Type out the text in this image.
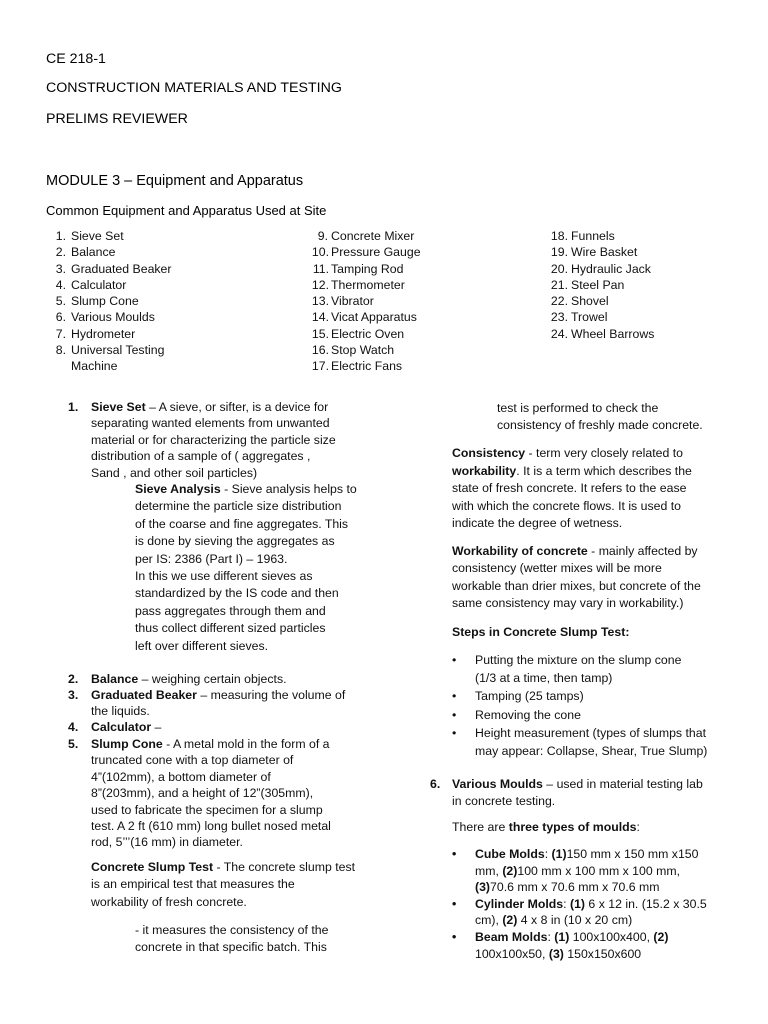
CE 218-1
CONSTRUCTION MATERIALS AND TESTING
PRELIMS REVIEWER
MODULE 3 – Equipment and Apparatus
Common Equipment and Apparatus Used at Site
1. Sieve Set
2. Balance
3. Graduated Beaker
4. Calculator
5. Slump Cone
6. Various Moulds
7. Hydrometer
8. Universal Testing
Machine
9. Concrete Mixer
10. Pressure Gauge
11. Tamping Rod
12. Thermometer
13. Vibrator
14. Vicat Apparatus
15. Electric Oven
16. Stop Watch
17. Electric Fans
18. Funnels
19. Wire Basket
20. Hydraulic Jack
21. Steel Pan
22. Shovel
23. Trowel
24. Wheel Barrows
1. Sieve Set – A sieve, or sifter, is a device for
separating wanted elements from unwanted
material or for characterizing the particle size
distribution of a sample of ( aggregates ,
Sand , and other soil particles)
Sieve Analysis - Sieve analysis helps to
determine the particle size distribution
of the coarse and fine aggregates. This
is done by sieving the aggregates as
per IS: 2386 (Part I) – 1963.
In this we use different sieves as
standardized by the IS code and then
pass aggregates through them and
thus collect different sized particles
left over different sieves.
2. Balance – weighing certain objects.
3. Graduated Beaker – measuring the volume of
the liquids.
4. Calculator –
5. Slump Cone - A metal mold in the form of a
truncated cone with a top diameter of
4”(102mm), a bottom diameter of
8”(203mm), and a height of 12”(305mm),
used to fabricate the specimen for a slump
test. A 2 ft (610 mm) long bullet nosed metal
rod, 5’’’(16 mm) in diameter.
Concrete Slump Test - The concrete slump test
is an empirical test that measures the
workability of fresh concrete.
- it measures the consistency of the
concrete in that specific batch. This
test is performed to check the
consistency of freshly made concrete.
Consistency - term very closely related to
workability. It is a term which describes the
state of fresh concrete. It refers to the ease
with which the concrete flows. It is used to
indicate the degree of wetness.
Workability of concrete - mainly affected by
consistency (wetter mixes will be more
workable than drier mixes, but concrete of the
same consistency may vary in workability.)
Steps in Concrete Slump Test:
• Putting the mixture on the slump cone
(1/3 at a time, then tamp)
• Tamping (25 tamps)
• Removing the cone
• Height measurement (types of slumps that
may appear: Collapse, Shear, True Slump)
6. Various Moulds – used in material testing lab
in concrete testing.
There are three types of moulds:
• Cube Molds: (1)150 mm x 150 mm x150
mm, (2)100 mm x 100 mm x 100 mm,
(3)70.6 mm x 70.6 mm x 70.6 mm
• Cylinder Molds: (1) 6 x 12 in. (15.2 x 30.5
cm), (2) 4 x 8 in (10 x 20 cm)
• Beam Molds: (1) 100x100x400, (2)
100x100x50, (3) 150x150x600
